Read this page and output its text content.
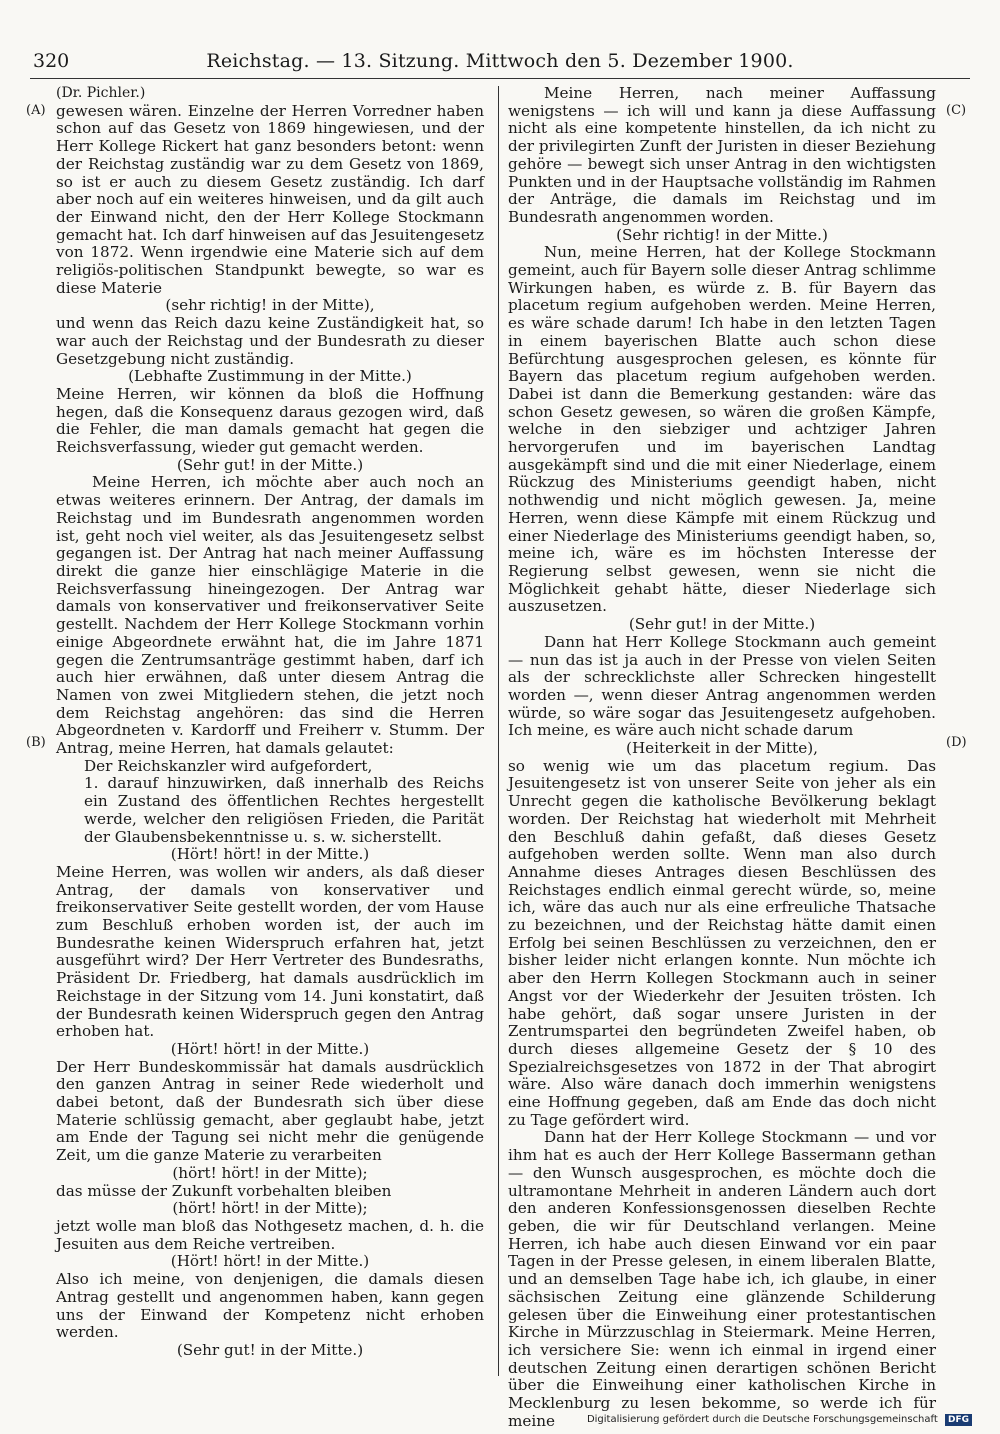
320	Reichstag. — 13. Sitzung. Mittwoch den 5. Dezember 1900.
(A)
(B)
(C)
(D)

(Dr. Pichler.)

gewesen wären. Einzelne der Herren Vorredner haben schon auf das Gesetz von 1869 hingewiesen, und der Herr Kollege Rickert hat ganz besonders betont: wenn der Reichstag zuständig war zu dem Gesetz von 1869, so ist er auch zu diesem Gesetz zuständig. Ich darf aber noch auf ein weiteres hinweisen, und da gilt auch der Einwand nicht, den der Herr Kollege Stockmann gemacht hat. Ich darf hinweisen auf das Jesuitengesetz von 1872. Wenn irgendwie eine Materie sich auf dem religiös-politischen Standpunkt bewegte, so war es diese Materie

(sehr richtig! in der Mitte),

und wenn das Reich dazu keine Zuständigkeit hat, so war auch der Reichstag und der Bundesrath zu dieser Gesetzgebung nicht zuständig.

(Lebhafte Zustimmung in der Mitte.)

Meine Herren, wir können da bloß die Hoffnung hegen, daß die Konsequenz daraus gezogen wird, daß die Fehler, die man damals gemacht hat gegen die Reichsverfassung, wieder gut gemacht werden.

(Sehr gut! in der Mitte.)

Meine Herren, ich möchte aber auch noch an etwas weiteres erinnern. Der Antrag, der damals im Reichstag und im Bundesrath angenommen worden ist, geht noch viel weiter, als das Jesuitengesetz selbst gegangen ist. Der Antrag hat nach meiner Auffassung direkt die ganze hier einschlägige Materie in die Reichsverfassung hineingezogen. Der Antrag war damals von konservativer und freikonservativer Seite gestellt. Nachdem der Herr Kollege Stockmann vorhin einige Abgeordnete erwähnt hat, die im Jahre 1871 gegen die Zentrumsanträge gestimmt haben, darf ich auch hier erwähnen, daß unter diesem Antrag die Namen von zwei Mitgliedern stehen, die jetzt noch dem Reichstag angehören: das sind die Herren Abgeordneten v. Kardorff und Freiherr v. Stumm. Der Antrag, meine Herren, hat damals gelautet:

Der Reichskanzler wird aufgefordert,

1. darauf hinzuwirken, daß innerhalb des Reichs ein Zustand des öffentlichen Rechtes hergestellt werde, welcher den religiösen Frieden, die Parität der Glaubensbekenntnisse u. s. w. sicherstellt.

(Hört! hört! in der Mitte.)

Meine Herren, was wollen wir anders, als daß dieser Antrag, der damals von konservativer und freikonservativer Seite gestellt worden, der vom Hause zum Beschluß erhoben worden ist, der auch im Bundesrathe keinen Widerspruch erfahren hat, jetzt ausgeführt wird? Der Herr Vertreter des Bundesraths, Präsident Dr. Friedberg, hat damals ausdrücklich im Reichstage in der Sitzung vom 14. Juni konstatirt, daß der Bundesrath keinen Widerspruch gegen den Antrag erhoben hat.

(Hört! hört! in der Mitte.)

Der Herr Bundeskommissär hat damals ausdrücklich den ganzen Antrag in seiner Rede wiederholt und dabei betont, daß der Bundesrath sich über diese Materie schlüssig gemacht, aber geglaubt habe, jetzt am Ende der Tagung sei nicht mehr die genügende Zeit, um die ganze Materie zu verarbeiten

(hört! hört! in der Mitte);

das müsse der Zukunft vorbehalten bleiben

(hört! hört! in der Mitte);

jetzt wolle man bloß das Nothgesetz machen, d. h. die Jesuiten aus dem Reiche vertreiben.

(Hört! hört! in der Mitte.)

Also ich meine, von denjenigen, die damals diesen Antrag gestellt und angenommen haben, kann gegen uns der Einwand der Kompetenz nicht erhoben werden.

(Sehr gut! in der Mitte.)

Meine Herren, nach meiner Auffassung wenigstens — ich will und kann ja diese Auffassung nicht als eine kompetente hinstellen, da ich nicht zu der privilegirten Zunft der Juristen in dieser Beziehung gehöre — bewegt sich unser Antrag in den wichtigsten Punkten und in der Hauptsache vollständig im Rahmen der Anträge, die damals im Reichstag und im Bundesrath angenommen worden.

(Sehr richtig! in der Mitte.)

Nun, meine Herren, hat der Kollege Stockmann gemeint, auch für Bayern solle dieser Antrag schlimme Wirkungen haben, es würde z. B. für Bayern das placetum regium aufgehoben werden. Meine Herren, es wäre schade darum! Ich habe in den letzten Tagen in einem bayerischen Blatte auch schon diese Befürchtung ausgesprochen gelesen, es könnte für Bayern das placetum regium aufgehoben werden. Dabei ist dann die Bemerkung gestanden: wäre das schon Gesetz gewesen, so wären die großen Kämpfe, welche in den siebziger und achtziger Jahren hervorgerufen und im bayerischen Landtag ausgekämpft sind und die mit einer Niederlage, einem Rückzug des Ministeriums geendigt haben, nicht nothwendig und nicht möglich gewesen. Ja, meine Herren, wenn diese Kämpfe mit einem Rückzug und einer Niederlage des Ministeriums geendigt haben, so, meine ich, wäre es im höchsten Interesse der Regierung selbst gewesen, wenn sie nicht die Möglichkeit gehabt hätte, dieser Niederlage sich auszusetzen.

(Sehr gut! in der Mitte.)

Dann hat Herr Kollege Stockmann auch gemeint — nun das ist ja auch in der Presse von vielen Seiten als der schrecklichste aller Schrecken hingestellt worden —, wenn dieser Antrag angenommen werden würde, so wäre sogar das Jesuitengesetz aufgehoben. Ich meine, es wäre auch nicht schade darum

(Heiterkeit in der Mitte),

so wenig wie um das placetum regium. Das Jesuitengesetz ist von unserer Seite von jeher als ein Unrecht gegen die katholische Bevölkerung beklagt worden. Der Reichstag hat wiederholt mit Mehrheit den Beschluß dahin gefaßt, daß dieses Gesetz aufgehoben werden sollte. Wenn man also durch Annahme dieses Antrages diesen Beschlüssen des Reichstages endlich einmal gerecht würde, so, meine ich, wäre das auch nur als eine erfreuliche Thatsache zu bezeichnen, und der Reichstag hätte damit einen Erfolg bei seinen Beschlüssen zu verzeichnen, den er bisher leider nicht erlangen konnte. Nun möchte ich aber den Herrn Kollegen Stockmann auch in seiner Angst vor der Wiederkehr der Jesuiten trösten. Ich habe gehört, daß sogar unsere Juristen in der Zentrumspartei den begründeten Zweifel haben, ob durch dieses allgemeine Gesetz der § 10 des Spezialreichsgesetzes von 1872 in der That abrogirt wäre. Also wäre danach doch immerhin wenigstens eine Hoffnung gegeben, daß am Ende das doch nicht zu Tage gefördert wird.

Dann hat der Herr Kollege Stockmann — und vor ihm hat es auch der Herr Kollege Bassermann gethan — den Wunsch ausgesprochen, es möchte doch die ultramontane Mehrheit in anderen Ländern auch dort den anderen Konfessionsgenossen dieselben Rechte geben, die wir für Deutschland verlangen. Meine Herren, ich habe auch diesen Einwand vor ein paar Tagen in der Presse gelesen, in einem liberalen Blatte, und an demselben Tage habe ich, ich glaube, in einer sächsischen Zeitung eine glänzende Schilderung gelesen über die Einweihung einer protestantischen Kirche in Mürzzuschlag in Steiermark. Meine Herren, ich versichere Sie: wenn ich einmal in irgend einer deutschen Zeitung einen derartigen schönen Bericht über die Einweihung einer katholischen Kirche in Mecklenburg zu lesen bekomme, so werde ich für meine	Digitalisierung gefördert durch die Deutsche Forschungsgemeinschaft DFG
